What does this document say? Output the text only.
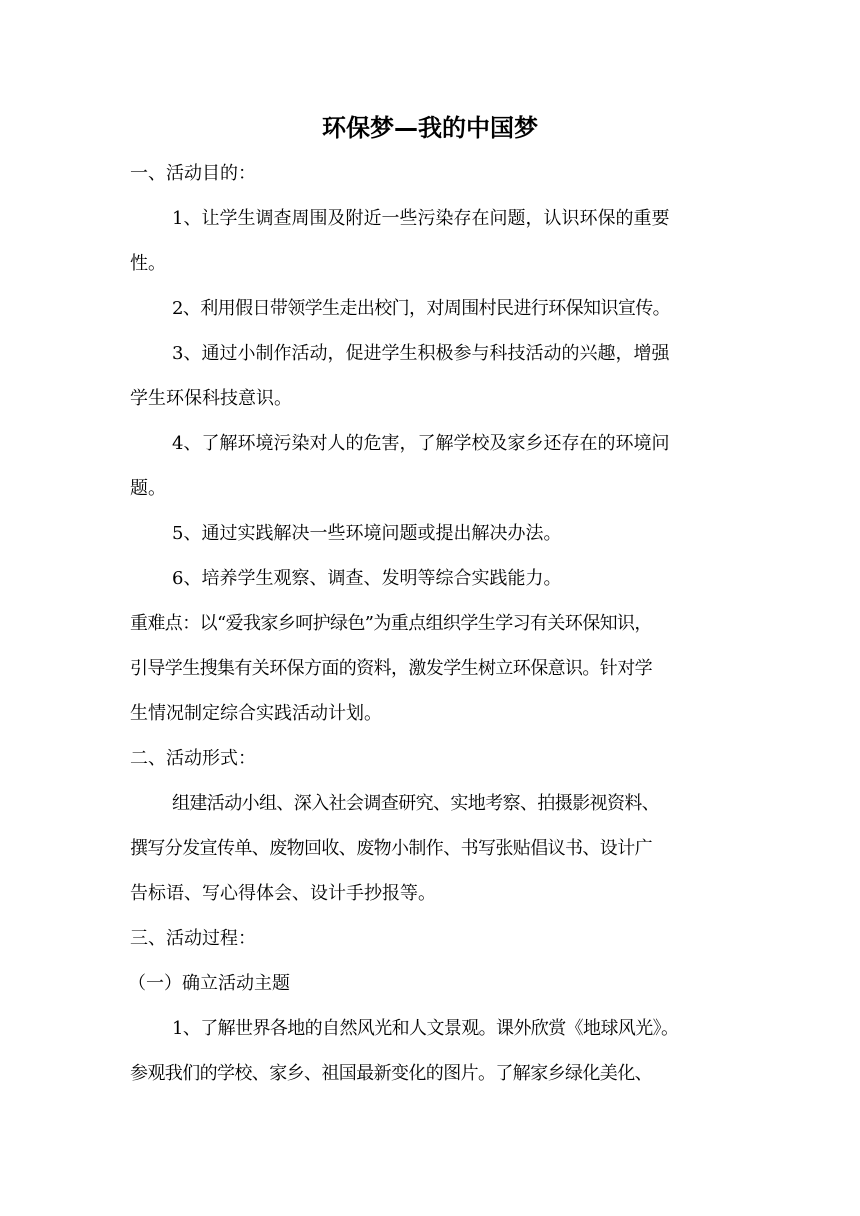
环保梦—我的中国梦
一、活动目的：
1、让学生调查周围及附近一些污染存在问题，认识环保的重要
性。
2、利用假日带领学生走出校门，对周围村民进行环保知识宣传。
3、通过小制作活动，促进学生积极参与科技活动的兴趣，增强
学生环保科技意识。
4、了解环境污染对人的危害，了解学校及家乡还存在的环境问
题。
5、通过实践解决一些环境问题或提出解决办法。
6、培养学生观察、调查、发明等综合实践能力。
重难点：以“爱我家乡呵护绿色”为重点组织学生学习有关环保知识，
引导学生搜集有关环保方面的资料，激发学生树立环保意识。针对学
生情况制定综合实践活动计划。
二、活动形式：
组建活动小组、深入社会调查研究、实地考察、拍摄影视资料、
撰写分发宣传单、废物回收、废物小制作、书写张贴倡议书、设计广
告标语、写心得体会、设计手抄报等。
三、活动过程：
（一）确立活动主题
1、了解世界各地的自然风光和人文景观。课外欣赏《地球风光》。
参观我们的学校、家乡、祖国最新变化的图片。了解家乡绿化美化、
